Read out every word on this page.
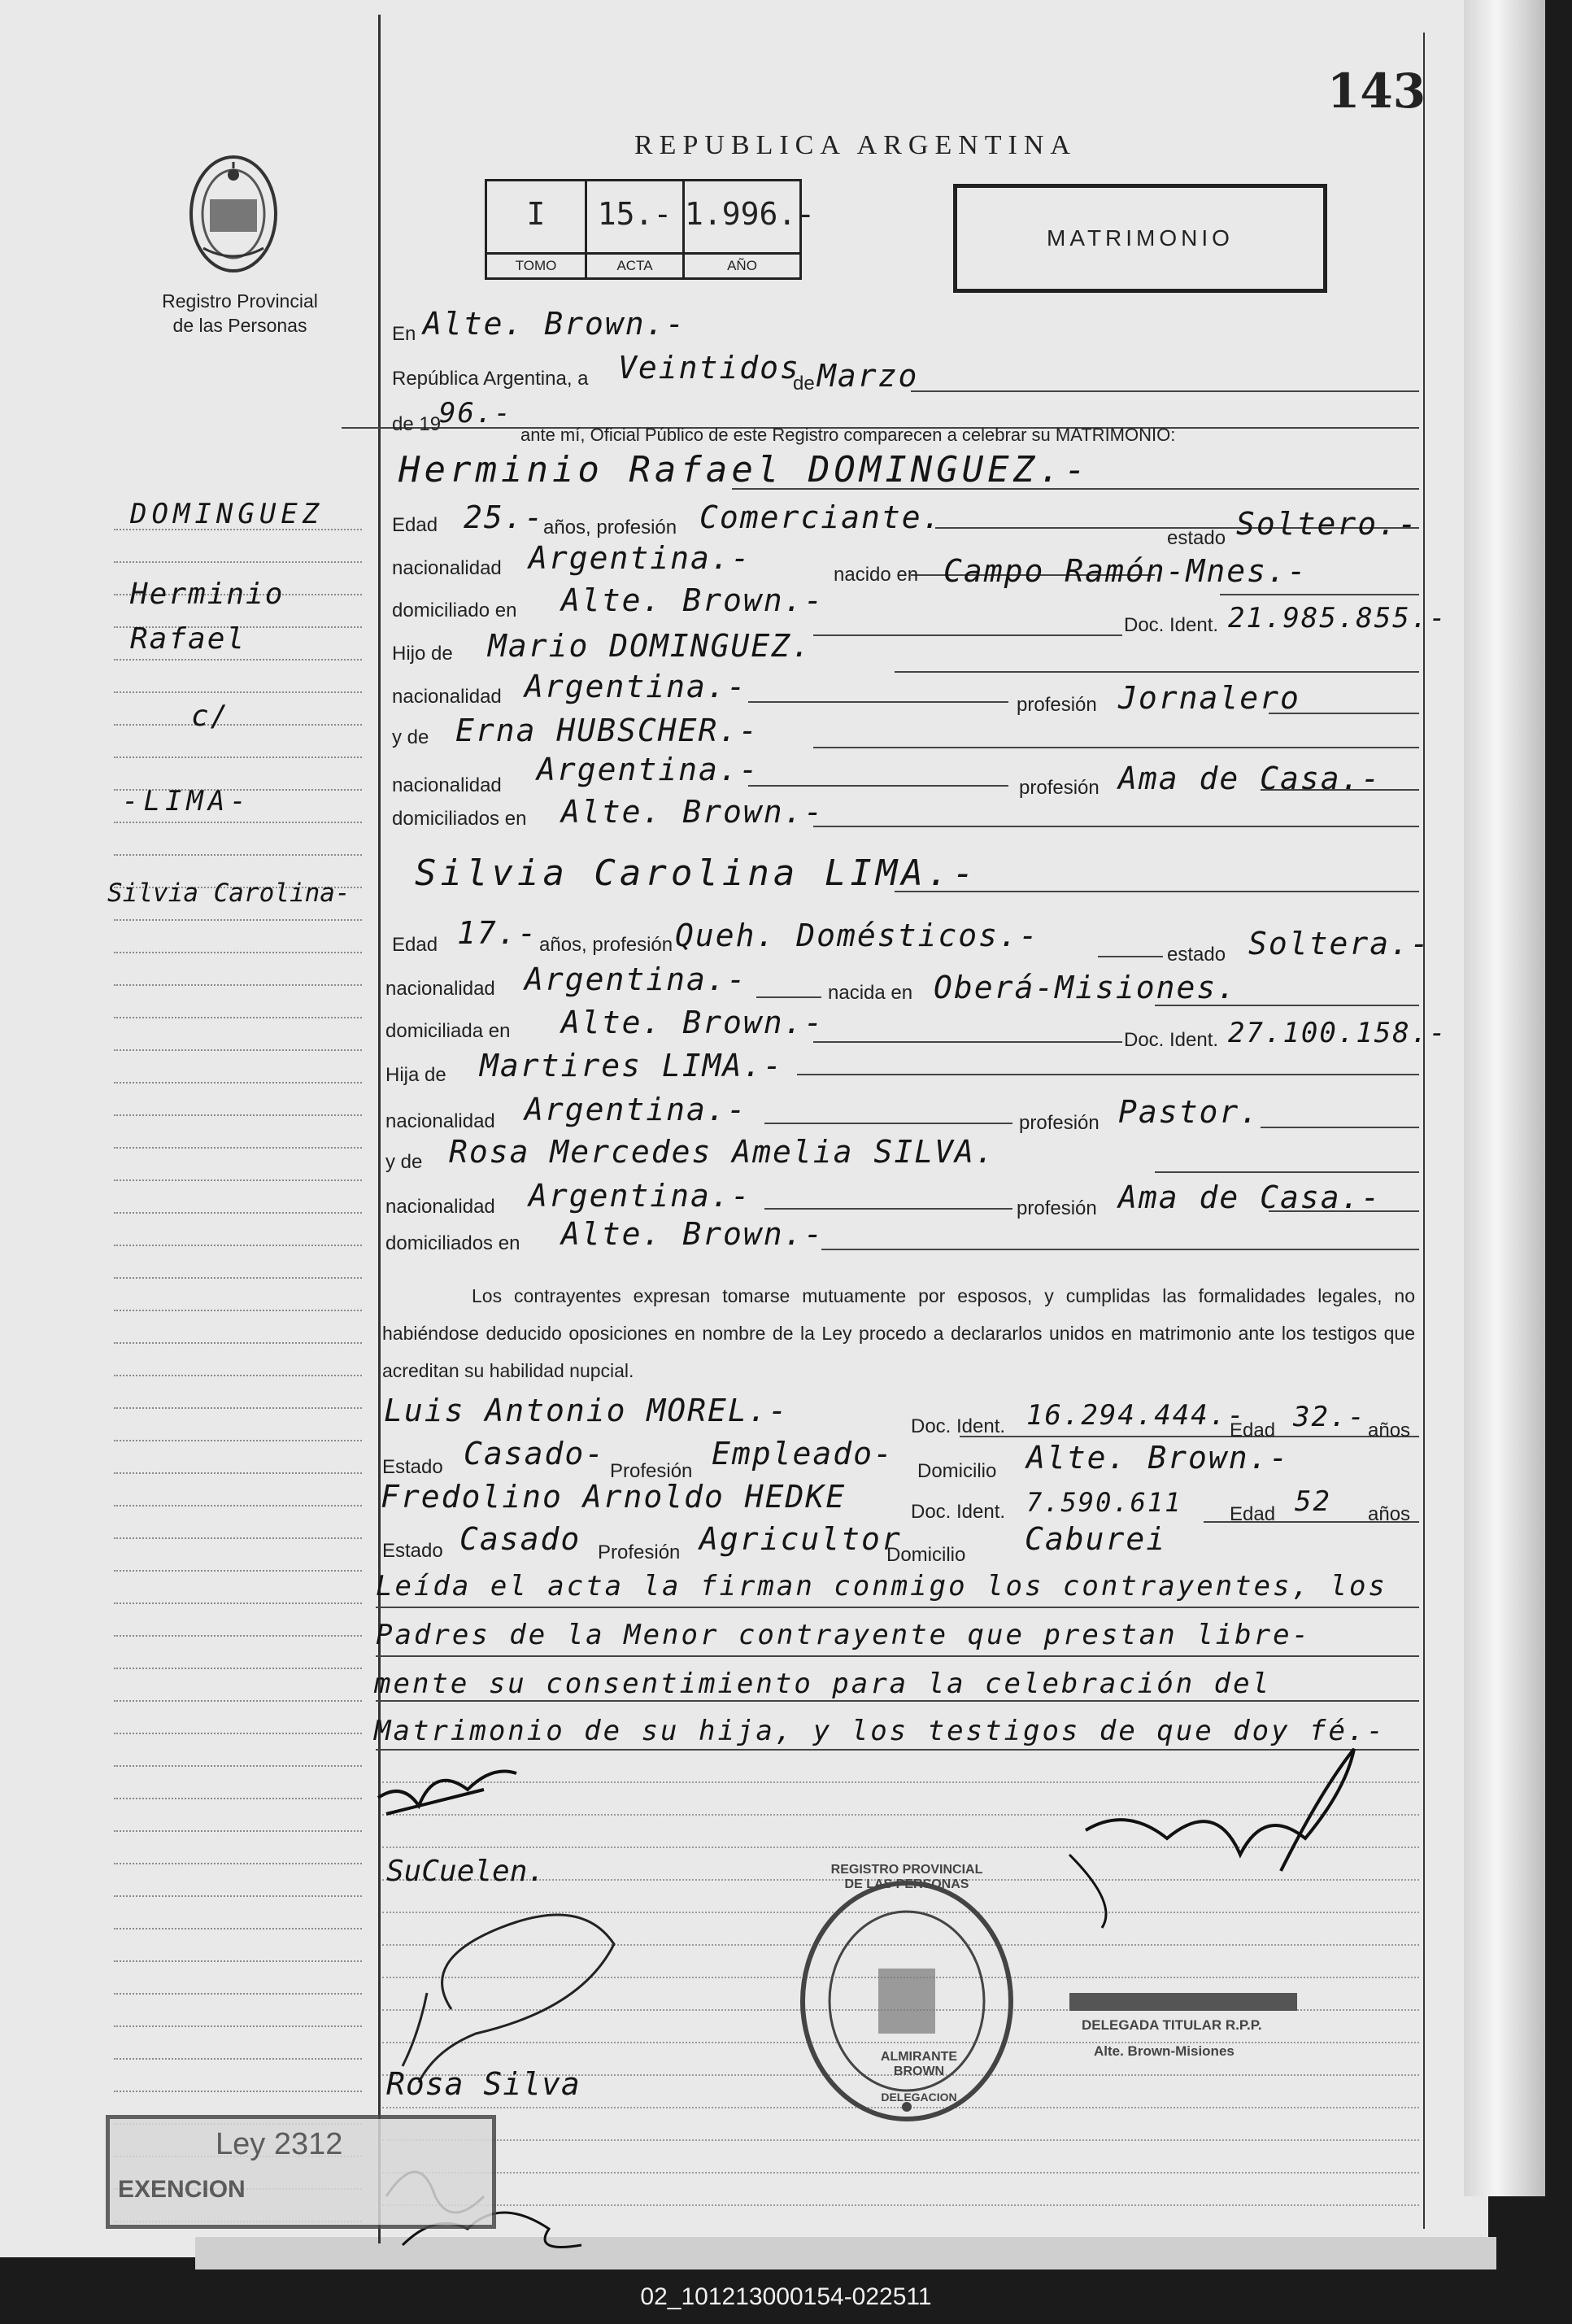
143
REPUBLICA ARGENTINA
Registro Provincial
de las Personas
I
TOMO
15.-
ACTA
1.996.-
AÑO
MATRIMONIO
DOMINGUEZ
Herminio
Rafael
c/
-LIMA-
Silvia Carolina-
En Alte. Brown.-
República Argentina, a Veintidos
de Marzo
de 19
96.-
ante mí, Oficial Público de este Registro comparecen a celebrar su MATRIMONIO:
Herminio Rafael DOMINGUEZ.-
Edad 25.-
años, profesión Comerciante.
estado Soltero.-
nacionalidad Argentina.-	nacido en Campo Ramón-Mnes.-
domiciliado en Alte. Brown.-
Doc. Ident. 21.985.855.-
Hijo de Mario DOMINGUEZ.
nacionalidad Argentina.-
profesión Jornalero
y de Erna HUBSCHER.-
nacionalidad Argentina.-
profesión Ama de Casa.-
domiciliados en Alte. Brown.-
Silvia Carolina LIMA.-
Edad 17.- años, profesión Queh. Domésticos.-
estado Soltera.-
nacionalidad Argentina.-	nacida en Oberá-Misiones.
domiciliada en Alte. Brown.-	Doc. Ident. 27.100.158.-
Hija de Martires LIMA.-
nacionalidad Argentina.-	profesión Pastor.
y de Rosa Mercedes Amelia SILVA.
nacionalidad Argentina.-	profesión Ama de Casa.-
domiciliados en Alte. Brown.-
Los contrayentes expresan tomarse mutuamente por esposos, y cumplidas las formalidades legales, no habiéndose deducido oposiciones en nombre de la Ley procedo a declararlos unidos en matrimonio ante los testigos que acreditan su habilidad nupcial.
Luis Antonio MOREL.-	Doc. Ident. 16.294.444.-
Edad 32.- años
Estado Casado- Profesión Empleado- Domicilio Alte. Brown.-
Fredolino Arnoldo HEDKE	Doc. Ident. 7.590.611 Edad 52 años
Estado Casado Profesión Agricultor
Domicilio Caburei
Leída el acta la firman conmigo los contrayentes, los
Padres de la Menor contrayente que prestan libre-
mente su consentimiento para la celebración del
Matrimonio de su hija, y los testigos de que doy fé.-
SuCuelen.
Rosa Silva
REGISTRO PROVINCIAL DE LAS PERSONAS
ALMIRANTE BROWN
DELEGACION
DELEGADA TITULAR R.P.P.
Alte. Brown-Misiones
Ley 2312
EXENCION
02_101213000154-022511
